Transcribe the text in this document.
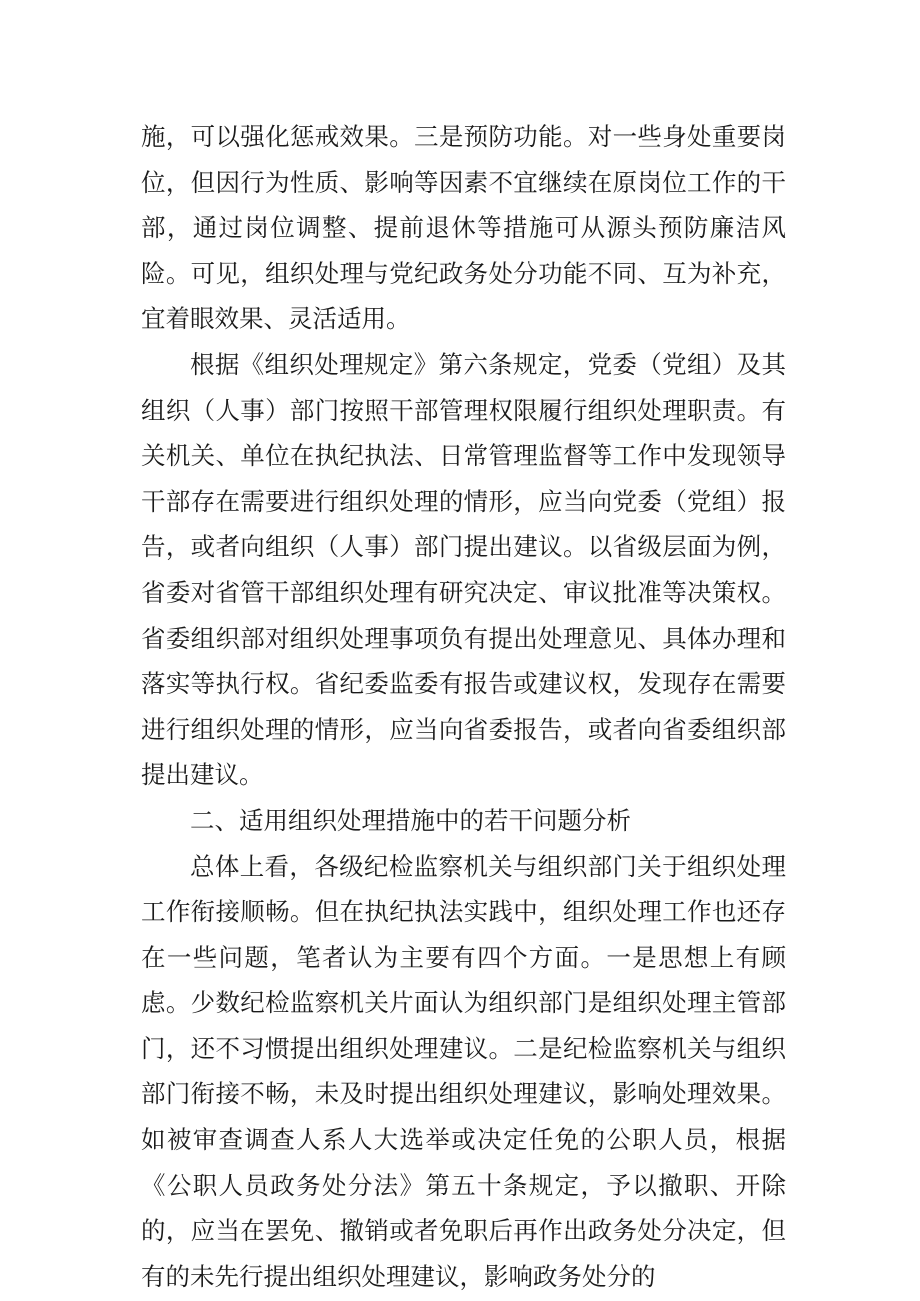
施，可以强化惩戒效果。三是预防功能。对一些身处重要岗位，但因行为性质、影响等因素不宜继续在原岗位工作的干部，通过岗位调整、提前退休等措施可从源头预防廉洁风险。可见，组织处理与党纪政务处分功能不同、互为补充，宜着眼效果、灵活适用。

根据《组织处理规定》第六条规定，党委（党组）及其组织（人事）部门按照干部管理权限履行组织处理职责。有关机关、单位在执纪执法、日常管理监督等工作中发现领导干部存在需要进行组织处理的情形，应当向党委（党组）报告，或者向组织（人事）部门提出建议。以省级层面为例，省委对省管干部组织处理有研究决定、审议批准等决策权。省委组织部对组织处理事项负有提出处理意见、具体办理和落实等执行权。省纪委监委有报告或建议权，发现存在需要进行组织处理的情形，应当向省委报告，或者向省委组织部提出建议。

二、适用组织处理措施中的若干问题分析

总体上看，各级纪检监察机关与组织部门关于组织处理工作衔接顺畅。但在执纪执法实践中，组织处理工作也还存在一些问题，笔者认为主要有四个方面。一是思想上有顾虑。少数纪检监察机关片面认为组织部门是组织处理主管部门，还不习惯提出组织处理建议。二是纪检监察机关与组织部门衔接不畅，未及时提出组织处理建议，影响处理效果。如被审查调查人系人大选举或决定任免的公职人员，根据《公职人员政务处分法》第五十条规定，予以撤职、开除的，应当在罢免、撤销或者免职后再作出政务处分决定，但有的未先行提出组织处理建议，影响政务处分的
